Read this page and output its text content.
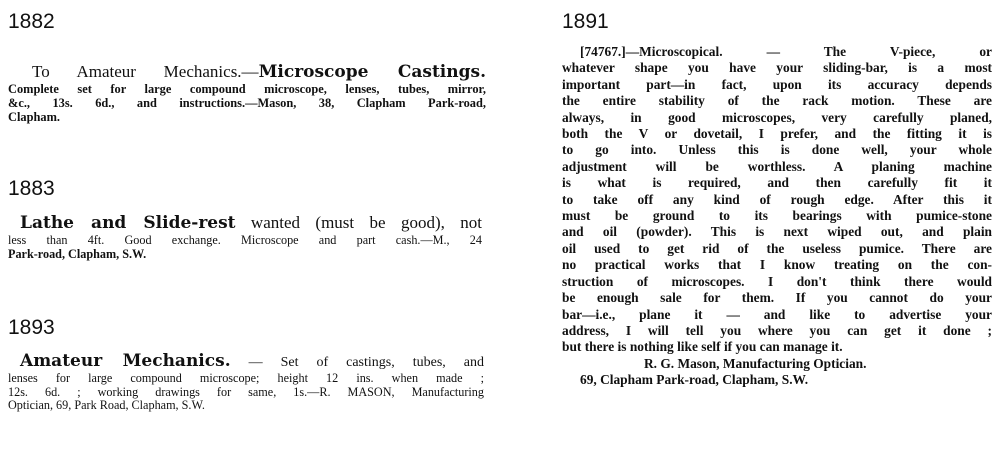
1882

To Amateur Mechanics.—Microscope Castings.

Complete set for large compound microscope, lenses, tubes, mirror,

&c., 13s. 6d., and instructions.—Mason, 38, Clapham Park-road,

Clapham.

1883

Lathe and Slide-rest wanted (must be good), not

less than 4ft. Good exchange. Microscope and part cash.—M., 24

Park-road, Clapham, S.W.

1893

Amateur Mechanics. — Set of castings, tubes, and

lenses for large compound microscope; height 12 ins. when made ;

12s. 6d. ; working drawings for same, 1s.—R. MASON, Manufacturing

Optician, 69, Park Road, Clapham, S.W.

1891

[74767.]—Microscopical. — The V-piece, or

whatever shape you have your sliding-bar, is a most

important part—in fact, upon its accuracy depends

the entire stability of the rack motion. These are

always, in good microscopes, very carefully planed,

both the V or dovetail, I prefer, and the fitting it is

to go into. Unless this is done well, your whole

adjustment will be worthless. A planing machine

is what is required, and then carefully fit it

to take off any kind of rough edge. After this it

must be ground to its bearings with pumice-stone

and oil (powder). This is next wiped out, and plain

oil used to get rid of the useless pumice. There are

no practical works that I know treating on the con-

struction of microscopes. I don't think there would

be enough sale for them. If you cannot do your

bar—i.e., plane it — and like to advertise your

address, I will tell you where you can get it done ;

but there is nothing like self if you can manage it.

R. G. Mason, Manufacturing Optician.

69, Clapham Park-road, Clapham, S.W.
